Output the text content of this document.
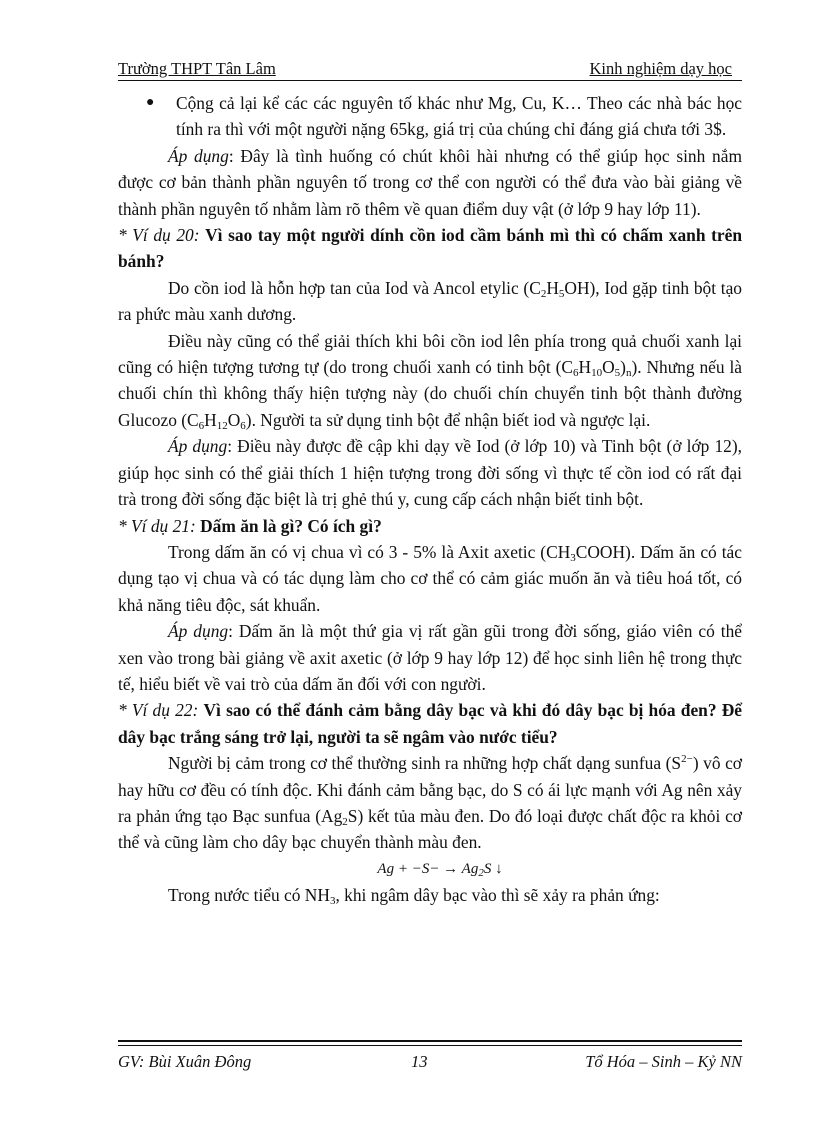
Trường THPT Tân Lâm	Kinh nghiệm dạy học

● Cộng cả lại kể các các nguyên tố khác như Mg, Cu, K… Theo các nhà bác học tính ra thì với một người nặng 65kg, giá trị của chúng chỉ đáng giá chưa tới 3$.

Áp dụng: Đây là tình huống có chút khôi hài nhưng có thể giúp học sinh nắm được cơ bản thành phần nguyên tố trong cơ thể con người có thể đưa vào bài giảng về thành phần nguyên tố nhằm làm rõ thêm về quan điểm duy vật (ở lớp 9 hay lớp 11).

* Ví dụ 20: Vì sao tay một người dính cồn iod cầm bánh mì thì có chấm xanh trên bánh?

Do cồn iod là hỗn hợp tan của Iod và Ancol etylic $(C_2H_5OH)$, Iod gặp tinh bột tạo ra phức màu xanh dương.

Điều này cũng có thể giải thích khi bôi cồn iod lên phía trong quả chuối xanh lại cũng có hiện tượng tương tự (do trong chuối xanh có tinh bột $(C_6H_{10}O_5)_n$). Nhưng nếu là chuối chín thì không thấy hiện tượng này (do chuối chín chuyển tinh bột thành đường Glucozo $(C_6H_{12}O_6)$. Người ta sử dụng tinh bột để nhận biết iod và ngược lại.

Áp dụng: Điều này được đề cập khi dạy về Iod (ở lớp 10) và Tinh bột (ở lớp 12), giúp học sinh có thể giải thích 1 hiện tượng trong đời sống vì thực tế cồn iod có rất đại trà trong đời sống đặc biệt là trị ghẻ thú y, cung cấp cách nhận biết tinh bột.

* Ví dụ 21: Dấm ăn là gì? Có ích gì?

Trong dấm ăn có vị chua vì có 3 - 5% là Axit axetic $(CH_3COOH)$. Dấm ăn có tác dụng tạo vị chua và có tác dụng làm cho cơ thể có cảm giác muốn ăn và tiêu hoá tốt, có khả năng tiêu độc, sát khuẩn.

Áp dụng: Dấm ăn là một thứ gia vị rất gần gũi trong đời sống, giáo viên có thể xen vào trong bài giảng về axit axetic (ở lớp 9 hay lớp 12) để học sinh liên hệ trong thực tế, hiểu biết về vai trò của dấm ăn đối với con người.

* Ví dụ 22: Vì sao có thể đánh cảm bằng dây bạc và khi đó dây bạc bị hóa đen? Để dây bạc trắng sáng trở lại, người ta sẽ ngâm vào nước tiểu?

Người bị cảm trong cơ thể thường sinh ra những hợp chất dạng sunfua $(S^{2-})$ vô cơ hay hữu cơ đều có tính độc. Khi đánh cảm bằng bạc, do S có ái lực mạnh với Ag nên xảy ra phản ứng tạo Bạc sunfua $(Ag_2S)$ kết tủa màu đen. Do đó loại được chất độc ra khỏi cơ thể và cũng làm cho dây bạc chuyển thành màu đen.

$Ag + -S- \to Ag_2S$ ↓

Trong nước tiểu có $NH_3$, khi ngâm dây bạc vào thì sẽ xảy ra phản ứng:

GV: Bùi Xuân Đông	13	Tổ Hóa – Sinh – Kỷ NN
